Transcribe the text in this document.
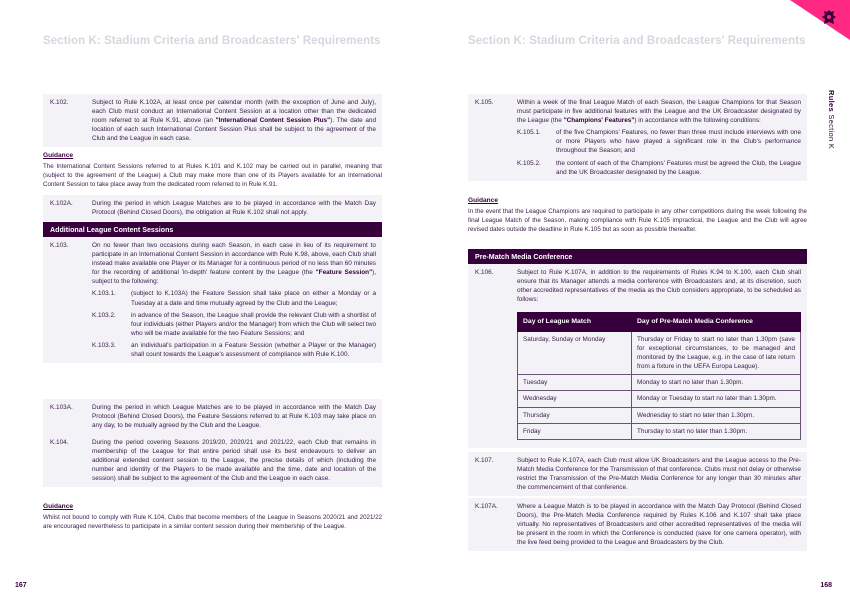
Section K: Stadium Criteria and Broadcasters' Requirements
K.102.	Subject to Rule K.102A, at least once per calendar month (with the exception of June and July), each Club must conduct an International Content Session at a location other than the dedicated room referred to at Rule K.91, above (an "International Content Session Plus"). The date and location of each such International Content Session Plus shall be subject to the agreement of the Club and the League in each case.
Guidance
The International Content Sessions referred to at Rules K.101 and K.102 may be carried out in parallel, meaning that (subject to the agreement of the League) a Club may make more than one of its Players available for an International Content Session to take place away from the dedicated room referred to in Rule K.91.
K.102A.	During the period in which League Matches are to be played in accordance with the Match Day Protocol (Behind Closed Doors), the obligation at Rule K.102 shall not apply.
Additional League Content Sessions
K.103.	On no fewer than two occasions during each Season, in each case in lieu of its requirement to participate in an International Content Session in accordance with Rule K.98, above, each Club shall instead make available one Player or its Manager for a continuous period of no less than 60 minutes for the recording of additional 'in-depth' feature content by the League (the "Feature Session"), subject to the following:
K.103.1.	(subject to K.103A) the Feature Session shall take place on either a Monday or a Tuesday at a date and time mutually agreed by the Club and the League;
K.103.2.	in advance of the Season, the League shall provide the relevant Club with a shortlist of four individuals (either Players and/or the Manager) from which the Club will select two who will be made available for the two Feature Sessions; and
K.103.3.	an individual's participation in a Feature Session (whether a Player or the Manager) shall count towards the League's assessment of compliance with Rule K.100.
K.103A.	During the period in which League Matches are to be played in accordance with the Match Day Protocol (Behind Closed Doors), the Feature Sessions referred to at Rule K.103 may take place on any day, to be mutually agreed by the Club and the League.
K.104.	During the period covering Seasons 2019/20, 2020/21 and 2021/22, each Club that remains in membership of the League for that entire period shall use its best endeavours to deliver an additional extended content session to the League, the precise details of which (including the number and identity of the Players to be made available and the time, date and location of the session) shall be subject to the agreement of the Club and the League in each case.
Guidance
Whilst not bound to comply with Rule K.104, Clubs that become members of the League in Seasons 2020/21 and 2021/22 are encouraged nevertheless to participate in a similar content session during their membership of the League.
167
Section K: Stadium Criteria and Broadcasters' Requirements
Rules Section K
K.105.	Within a week of the final League Match of each Season, the League Champions for that Season must participate in five additional features with the League and the UK Broadcaster designated by the League (the "Champions' Features") in accordance with the following conditions:
K.105.1.	of the five Champions' Features, no fewer than three must include interviews with one or more Players who have played a significant role in the Club's performance throughout the Season; and
K.105.2.	the content of each of the Champions' Features must be agreed the Club, the League and the UK Broadcaster designated by the League.
Guidance
In the event that the League Champions are required to participate in any other competitions during the week following the final League Match of the Season, making compliance with Rule K.105 impractical, the League and the Club will agree revised dates outside the deadline in Rule K.105 but as soon as possible thereafter.
Pre-Match Media Conference
K.106.	Subject to Rule K.107A, in addition to the requirements of Rules K.94 to K.100, each Club shall ensure that its Manager attends a media conference with Broadcasters and, at its discretion, such other accredited representatives of the media as the Club considers appropriate, to be scheduled as follows:
Day of League Match	Day of Pre-Match Media Conference
Saturday, Sunday or Monday	Thursday or Friday to start no later than 1.30pm (save for exceptional circumstances, to be managed and monitored by the League, e.g. in the case of late return from a fixture in the UEFA Europa League).
Tuesday	Monday to start no later than 1.30pm.
Wednesday	Monday or Tuesday to start no later than 1.30pm.
Thursday	Wednesday to start no later than 1.30pm.
Friday	Thursday to start no later than 1.30pm.
K.107.	Subject to Rule K.107A, each Club must allow UK Broadcasters and the League access to the Pre-Match Media Conference for the Transmission of that conference. Clubs must not delay or otherwise restrict the Transmission of the Pre-Match Media Conference for any longer than 30 minutes after the commencement of that conference.
K.107A.	Where a League Match is to be played in accordance with the Match Day Protocol (Behind Closed Doors), the Pre-Match Media Conference required by Rules K.106 and K.107 shall take place virtually. No representatives of Broadcasters and other accredited representatives of the media will be present in the room in which the Conference is conducted (save for one camera operator), with the live feed being provided to the League and Broadcasters by the Club.
168
